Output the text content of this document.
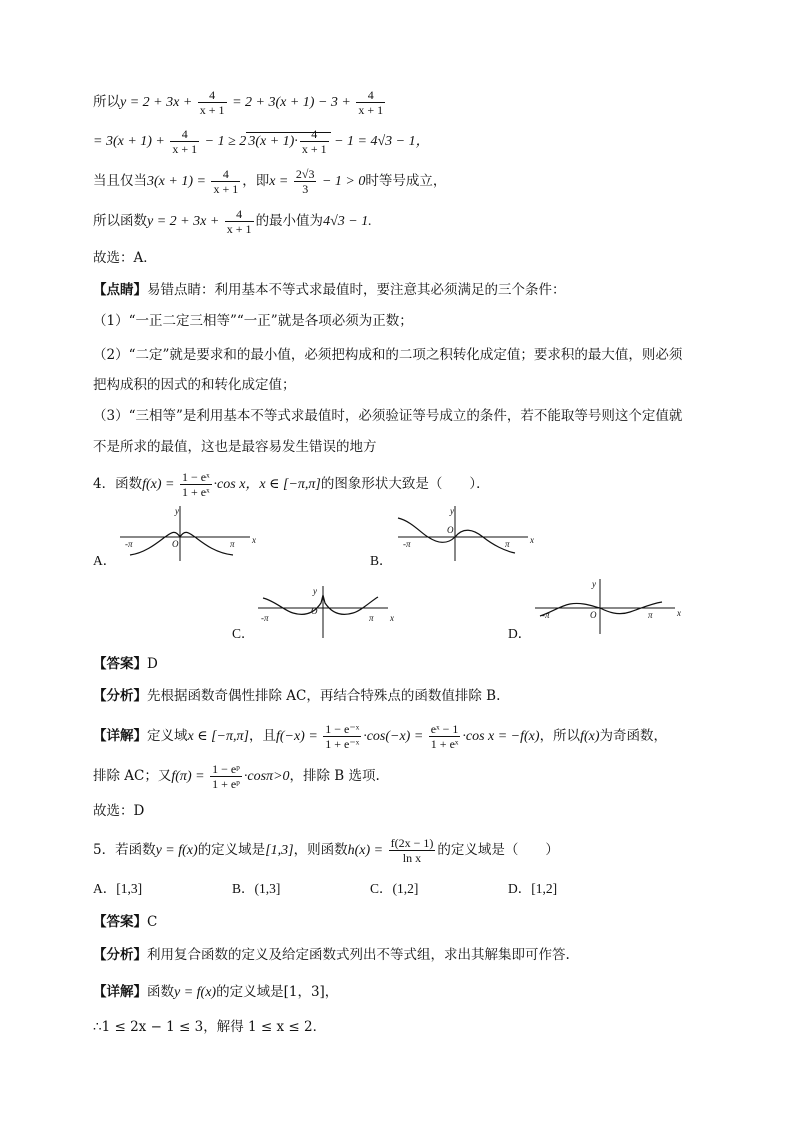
所以$y = 2 + 3x + \frac{4}{x + 1} = 2 + 3(x + 1) - 3 + \frac{4}{x + 1}$
= $3(x + 1) + \frac{4}{x + 1} - 1 \ge 2$ $3(x + 1)\cdot \frac{4}{x + 1} - 1 = 4√3 - 1$，
当且仅当$3(x + 1) = \frac{4}{x + 1}$ ，即$x = \frac{2√3}{3} - 1 > 0$时等号成立，
所以函数$y = 2 + 3x + \frac{4}{x + 1}$ 的最小值为4√3 − 1.
故选：A．
【点睛】易错点睛：利用基本不等式求最值时，要注意其必须满足的三个条件：
（1）“一正二定三相等”“一正”就是各项必须为正数；
（2）“二定”就是要求和的最小值，必须把构成和的二项之积转化成定值；要求积的最大值，则必须
把构成积的因式的和转化成定值；
（3）“三相等”是利用基本不等式求最值时，必须验证等号成立的条件，若不能取等号则这个定值就
不是所求的最值，这也是最容易发生错误的地方
4．函数$f(x) = \frac{\text{1 − eˣ}}{\text{1 + eˣ}} \cdot\cos$ x，x ∈ [−π,π]的图象形状大致是（　　）．
y
x
O
-π	π
A．
y
x
O
-π	π
B．
y
x
O
-π	π
C．
y
x
O
-π	π
D．
【答案】D
【分析】先根据函数奇偶性排除 AC，再结合特殊点的函数值排除 B.
【详解】定义域x ∈ [−π,π]，且$f(-x) = \frac{\text{1 − e⁻ˣ}}{\text{1 + e⁻ˣ}} \cdot\cos(-x) = \frac{\text{eˣ − 1}}{\text{1 + eˣ}} \cdot\cos$ x = −f(x)，所以f(x)为奇函数，
排除 AC；又$f(\pi) = \frac{\text{1 − eᵖ}}{\text{1 + eᵖ}} \cdot\cos\pi>0$，排除 B 选项.
故选：D
5．若函数y = f(x)的定义域是[1,3]，则函数$h(x) = \frac{f(2x - 1)}{\text{ln x}}$ 的定义域是（　　）
A．[1,3]	B．(1,3]	C．(1,2]	D．[1,2]
【答案】C
【分析】利用复合函数的定义及给定函数式列出不等式组，求出其解集即可作答.
【详解】函数y = f(x)的定义域是[1，3]，
∴1 ≤ 2x − 1 ≤ 3，解得 1 ≤ x ≤ 2．
